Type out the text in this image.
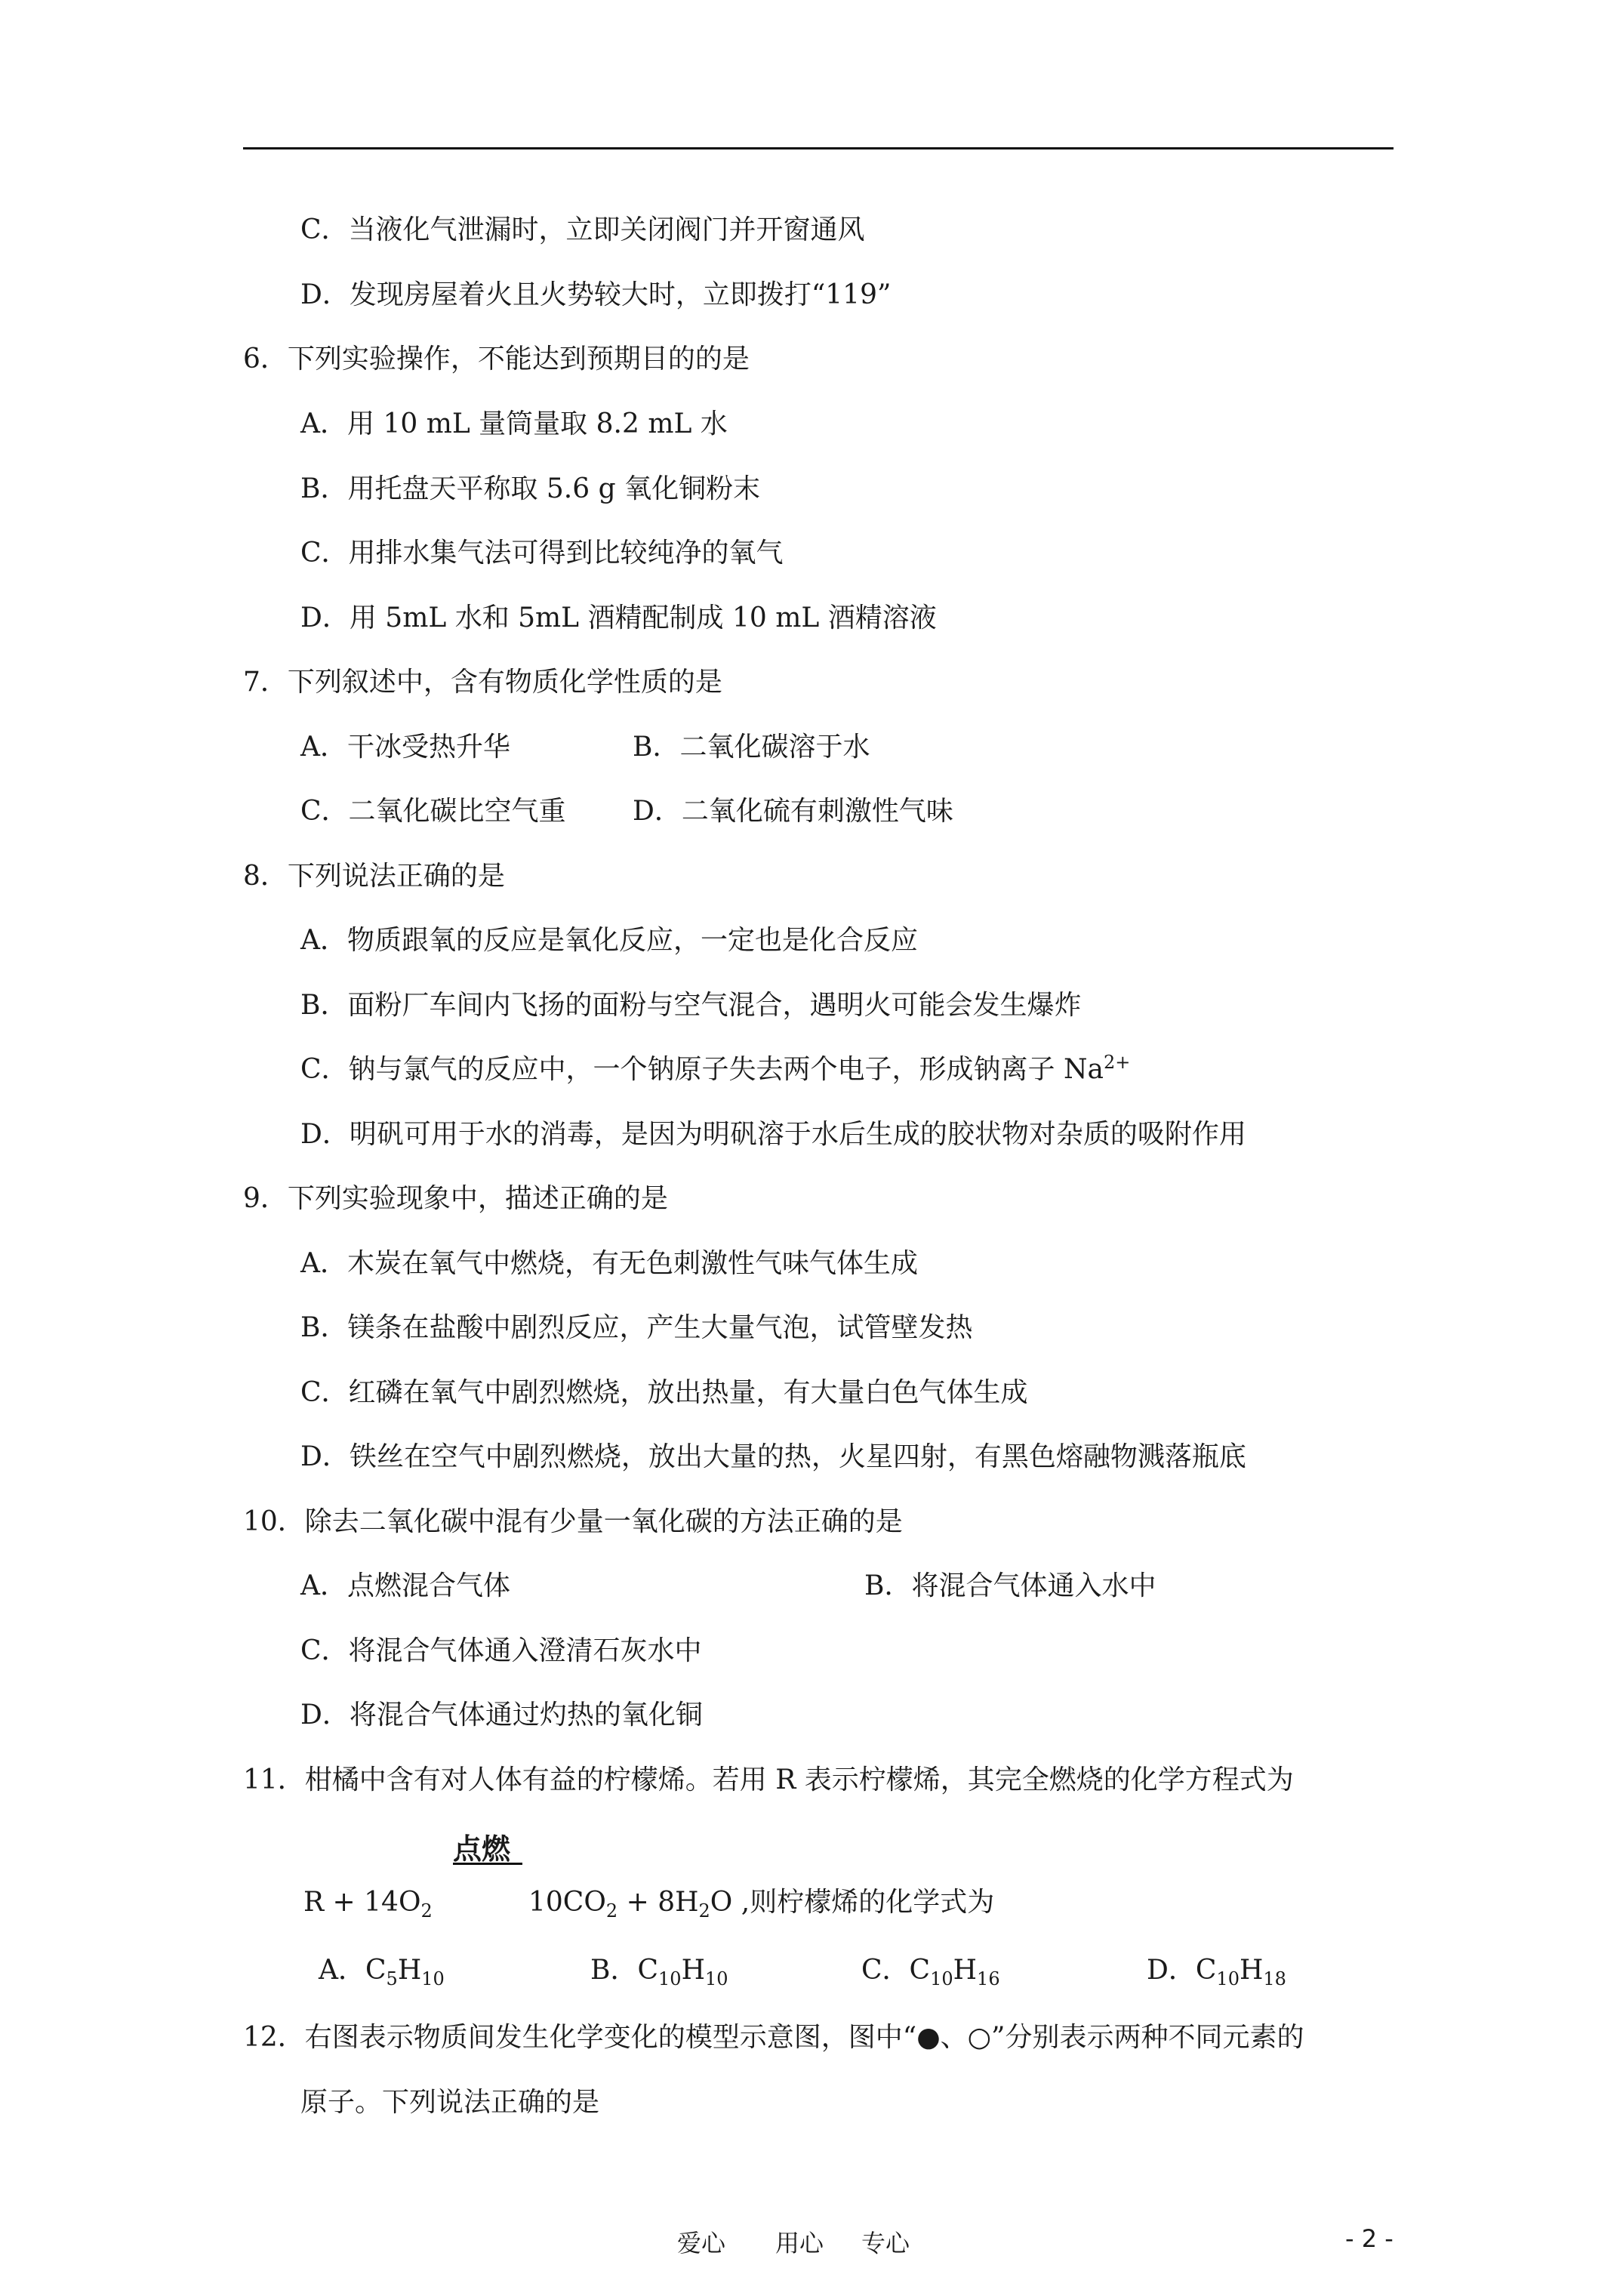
C．当液化气泄漏时，立即关闭阀门并开窗通风
D．发现房屋着火且火势较大时，立即拨打“119”
6．下列实验操作，不能达到预期目的的是
A．用 10 mL 量筒量取 8.2 mL 水
B．用托盘天平称取 5.6 g 氧化铜粉末
C．用排水集气法可得到比较纯净的氧气
D．用 5mL 水和 5mL 酒精配制成 10 mL 酒精溶液
7．下列叙述中，含有物质化学性质的是
A．干冰受热升华	B．二氧化碳溶于水
C．二氧化碳比空气重 D．二氧化硫有刺激性气味
8．下列说法正确的是
A．物质跟氧的反应是氧化反应，一定也是化合反应
B．面粉厂车间内飞扬的面粉与空气混合，遇明火可能会发生爆炸
C．钠与氯气的反应中，一个钠原子失去两个电子，形成钠离子 $Na^{2+}$
D．明矾可用于水的消毒，是因为明矾溶于水后生成的胶状物对杂质的吸附作用
9．下列实验现象中，描述正确的是
A．木炭在氧气中燃烧，有无色刺激性气味气体生成
B．镁条在盐酸中剧烈反应，产生大量气泡，试管壁发热
C．红磷在氧气中剧烈燃烧，放出热量，有大量白色气体生成
D．铁丝在空气中剧烈燃烧，放出大量的热，火星四射，有黑色熔融物溅落瓶底
10．除去二氧化碳中混有少量一氧化碳的方法正确的是
A．点燃混合气体	B．将混合气体通入水中
C．将混合气体通入澄清石灰水中
D．将混合气体通过灼热的氧化铜
11．柑橘中含有对人体有益的柠檬烯。若用 R 表示柠檬烯，其完全燃烧的化学方程式为
点燃
$R + 14O_2$	$10CO_2 + 8H_2O$ ,则柠檬烯的化学式为
A．$C_5H_{10}$	B．$C_{10}H_{10}$	C．$C_{10}H_{16}$	D．$C_{10}H_{18}$
12．右图表示物质间发生化学变化的模型示意图，图中“●、○”分别表示两种不同元素的
原子。下列说法正确的是
爱心 用心 专心	- 2 -
